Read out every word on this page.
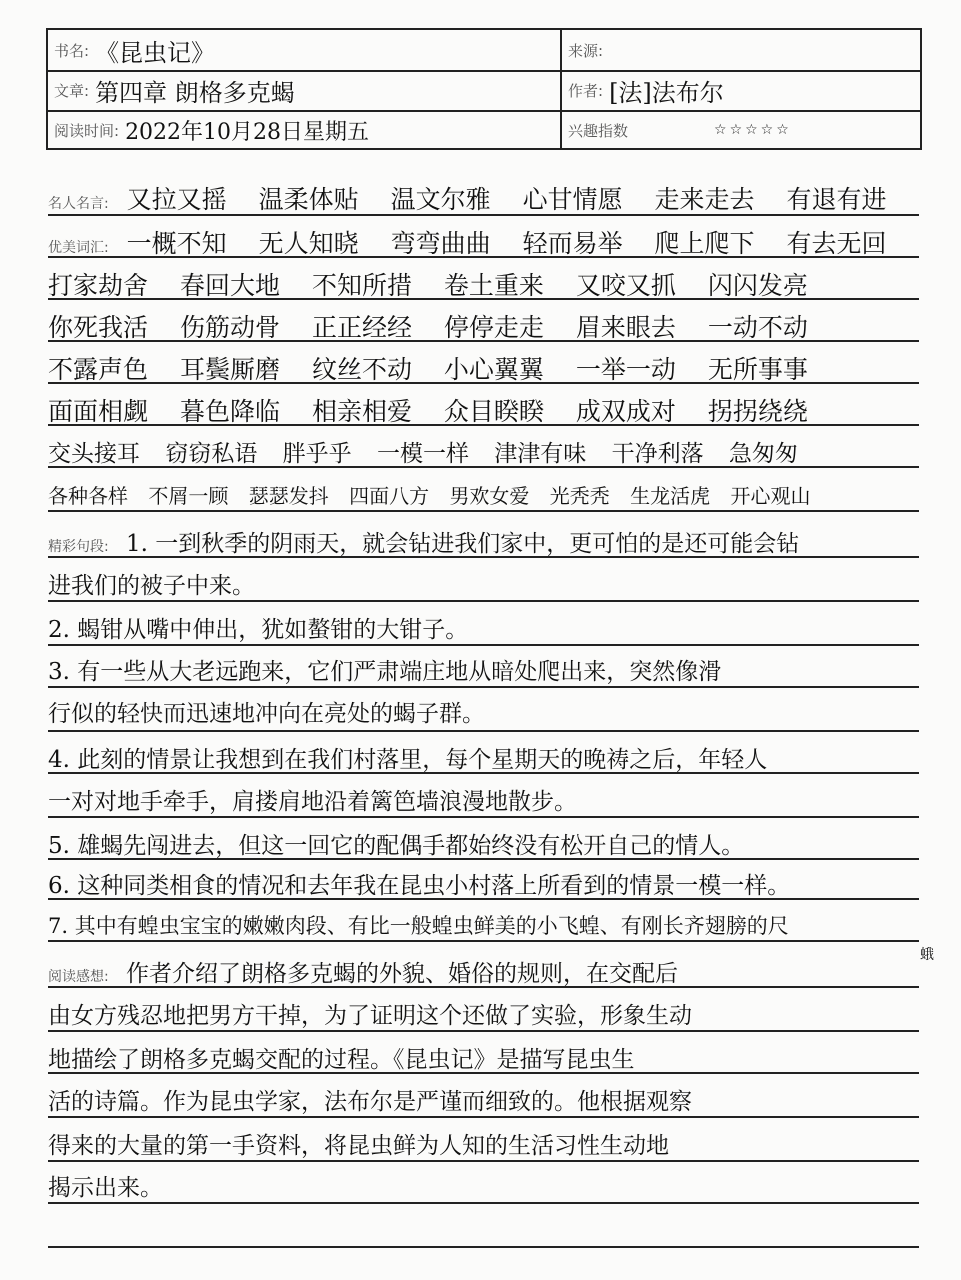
书名: 《昆虫记》	来源:
文章: 第四章 朗格多克蝎	作者: [法]法布尔
阅读时间: 2022年10月28日星期五	兴趣指数	☆☆☆☆☆
名人名言: 又拉又摇 温柔体贴 温文尔雅 心甘情愿 走来走去 有退有进
优美词汇: 一概不知 无人知晓 弯弯曲曲 轻而易举 爬上爬下 有去无回
打家劫舍 春回大地 不知所措 卷土重来 又咬又抓 闪闪发亮
你死我活 伤筋动骨 正正经经 停停走走 眉来眼去 一动不动
不露声色 耳鬓厮磨 纹丝不动 小心翼翼 一举一动 无所事事
面面相觑 暮色降临 相亲相爱 众目睽睽 成双成对 拐拐绕绕
交头接耳 窃窃私语 胖乎乎 一模一样 津津有味 干净利落 急匆匆
各种各样 不屑一顾 瑟瑟发抖 四面八方 男欢女爱 光秃秃 生龙活虎 开心观山
精彩句段: 1. 一到秋季的阴雨天，就会钻进我们家中，更可怕的是还可能会钻
进我们的被子中来。
2. 蝎钳从嘴中伸出，犹如螯钳的大钳子。
3. 有一些从大老远跑来，它们严肃端庄地从暗处爬出来，突然像滑
行似的轻快而迅速地冲向在亮处的蝎子群。
4. 此刻的情景让我想到在我们村落里，每个星期天的晚祷之后，年轻人
一对对地手牵手，肩搂肩地沿着篱笆墙浪漫地散步。
5. 雄蝎先闯进去，但这一回它的配偶手都始终没有松开自己的情人。
6. 这种同类相食的情况和去年我在昆虫小村落上所看到的情景一模一样。
7. 其中有蝗虫宝宝的嫩嫩肉段、有比一般蝗虫鲜美的小飞蝗、有刚长齐翅膀的尺
蛾
阅读感想: 作者介绍了朗格多克蝎的外貌、婚俗的规则，在交配后
由女方残忍地把男方干掉，为了证明这个还做了实验，形象生动
地描绘了朗格多克蝎交配的过程。《昆虫记》是描写昆虫生
活的诗篇。作为昆虫学家，法布尔是严谨而细致的。他根据观察
得来的大量的第一手资料，将昆虫鲜为人知的生活习性生动地
揭示出来。
